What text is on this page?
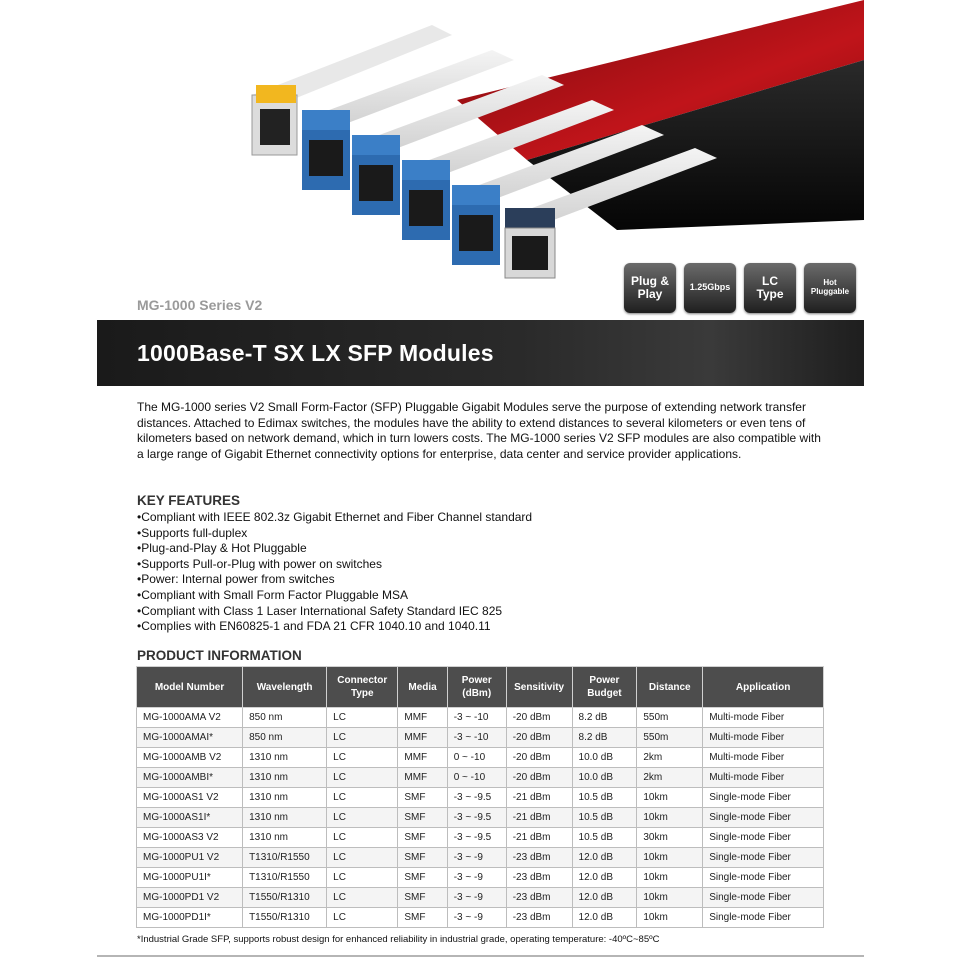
MG-1000 Series V2
Plug &
Play	1.25Gbps	LC
Type
Hot
Pluggable
1000Base-T SX LX SFP Modules

The MG-1000 series V2 Small Form-Factor (SFP) Pluggable Gigabit Modules serve the purpose of extending network transfer distances. Attached to Edimax switches, the modules have the ability to extend distances to several kilometers or even tens of kilometers based on network demand, which in turn lowers costs. The MG-1000 series V2 SFP modules are also compatible with a large range of Gigabit Ethernet connectivity options for enterprise, data center and service provider applications.

KEY FEATURES
• Compliant with IEEE 802.3z Gigabit Ethernet and Fiber Channel standard
• Supports full-duplex
• Plug-and-Play & Hot Pluggable
• Supports Pull-or-Plug with power on switches
• Power: Internal power from switches
• Compliant with Small Form Factor Pluggable MSA
• Compliant with Class 1 Laser International Safety Standard IEC 825
• Complies with EN60825-1 and FDA 21 CFR 1040.10 and 1040.11
PRODUCT INFORMATION
Model Number	Wavelength	Connector Type	Media	Power (dBm)	Sensitivity	Power Budget	Distance	Application
MG-1000AMA V2	850 nm	LC	MMF	-3 ~ -10	-20 dBm	8.2 dB	550m	Multi-mode Fiber
MG-1000AMAI*	850 nm	LC	MMF	-3 ~ -10	-20 dBm	8.2 dB	550m	Multi-mode Fiber
MG-1000AMB V2	1310 nm	LC	MMF	0 ~ -10	-20 dBm	10.0 dB	2km	Multi-mode Fiber
MG-1000AMBI*	1310 nm	LC	MMF	0 ~ -10	-20 dBm	10.0 dB	2km	Multi-mode Fiber
MG-1000AS1 V2	1310 nm	LC	SMF	-3 ~ -9.5	-21 dBm	10.5 dB	10km	Single-mode Fiber
MG-1000AS1I*	1310 nm	LC	SMF	-3 ~ -9.5	-21 dBm	10.5 dB	10km	Single-mode Fiber
MG-1000AS3 V2	1310 nm	LC	SMF	-3 ~ -9.5	-21 dBm	10.5 dB	30km	Single-mode Fiber
MG-1000PU1 V2	T1310/R1550	LC	SMF	-3 ~ -9	-23 dBm	12.0 dB	10km	Single-mode Fiber
MG-1000PU1I*	T1310/R1550	LC	SMF	-3 ~ -9	-23 dBm	12.0 dB	10km	Single-mode Fiber
MG-1000PD1 V2	T1550/R1310	LC	SMF	-3 ~ -9	-23 dBm	12.0 dB	10km	Single-mode Fiber
MG-1000PD1I*	T1550/R1310	LC	SMF	-3 ~ -9	-23 dBm	12.0 dB	10km	Single-mode Fiber
*Industrial Grade SFP, supports robust design for enhanced reliability in industrial grade, operating temperature: -40ºC~85ºC
